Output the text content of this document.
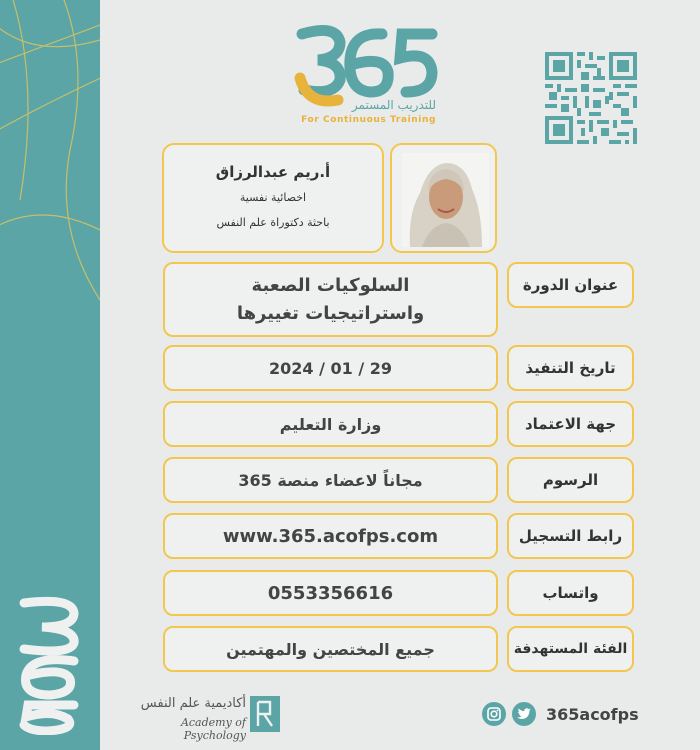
للتدريب المستمر
For Continuous Training
أ.ريم عبدالرزاق
اخصائية نفسية
باحثة دكتوراة علم النفس
السلوكيات الصعبة
واستراتيجيات تغييرها
عنوان الدورة
2024 / 01 / 29	تاريخ التنفيذ
وزارة التعليم	جهة الاعتماد
مجاناً لاعضاء منصة 365	الرسوم
www.365.acofps.com	رابط التسجيل
0553356616	واتساب
جميع المختصين والمهتمين	الفئة المستهدفة
أكاديمية علم النفس
Academy of Psychology
365acofps
